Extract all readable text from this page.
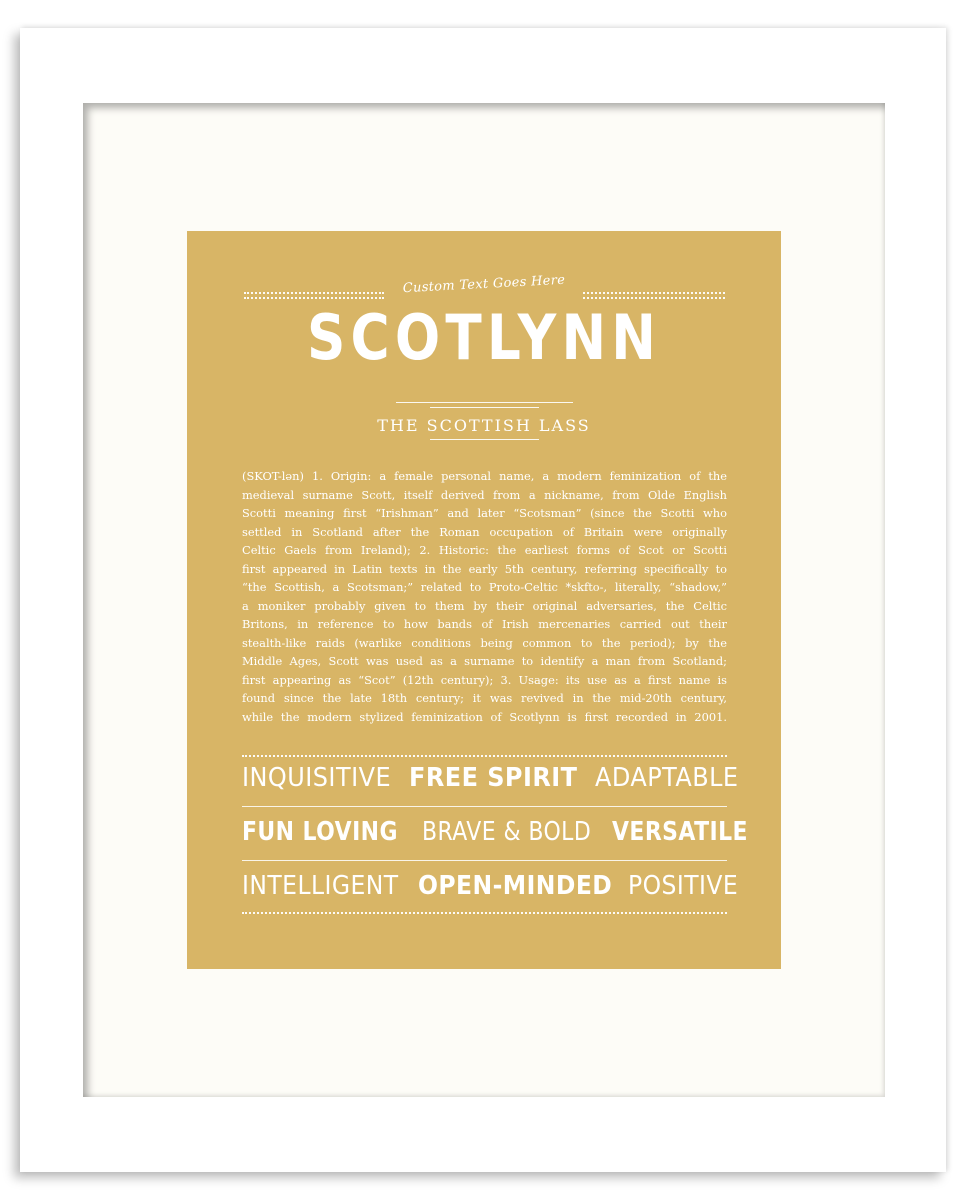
Custom Text Goes Here
SCOTLYNN
THE SCOTTISH LASS
(SKOT-lən) 1. Origin: a female personal name, a modern feminization of the
medieval surname Scott, itself derived from a nickname, from Olde English
Scotti meaning first “Irishman” and later “Scotsman” (since the Scotti who
settled in Scotland after the Roman occupation of Britain were originally
Celtic Gaels from Ireland); 2. Historic: the earliest forms of Scot or Scotti
first appeared in Latin texts in the early 5th century, referring specifically to
“the Scottish, a Scotsman;” related to Proto-Celtic *skfto-, literally, “shadow,”
a moniker probably given to them by their original adversaries, the Celtic
Britons, in reference to how bands of Irish mercenaries carried out their
stealth-like raids (warlike conditions being common to the period); by the
Middle Ages, Scott was used as a surname to identify a man from Scotland;
first appearing as “Scot” (12th century); 3. Usage: its use as a first name is
found since the late 18th century; it was revived in the mid-20th century,
while the modern stylized feminization of Scotlynn is first recorded in 2001.
INQUISITIVE FREE SPIRIT ADAPTABLE
FUN LOVING BRAVE & BOLD VERSATILE
INTELLIGENT OPEN-MINDED POSITIVE
